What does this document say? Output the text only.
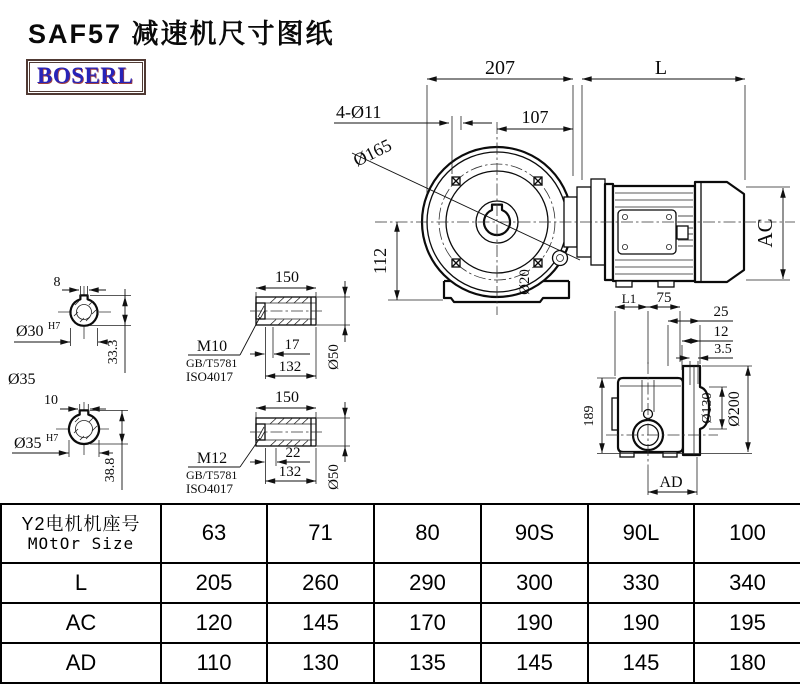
SAF57 减速机尺寸图纸
BOSERL	207	L
4-Ø11	107
Ø165
112
AC
Ø20
8
Ø30 H7
33.3
Ø35
10
Ø35 H7
38.8
150
17
132 Ø50
M10
GB/T5781
ISO4017
150
22
132 Ø50
M12
GB/T5781
ISO4017
L1 75
25
12
3.5
189	Ø130 Ø200
AD
Y2电机机座号
MOtOr Size	63	71	80	90S	90L	100
L	205	260	290	300	330	340
AC	120	145	170	190	190	195
AD	110	130	135	145	145	180
